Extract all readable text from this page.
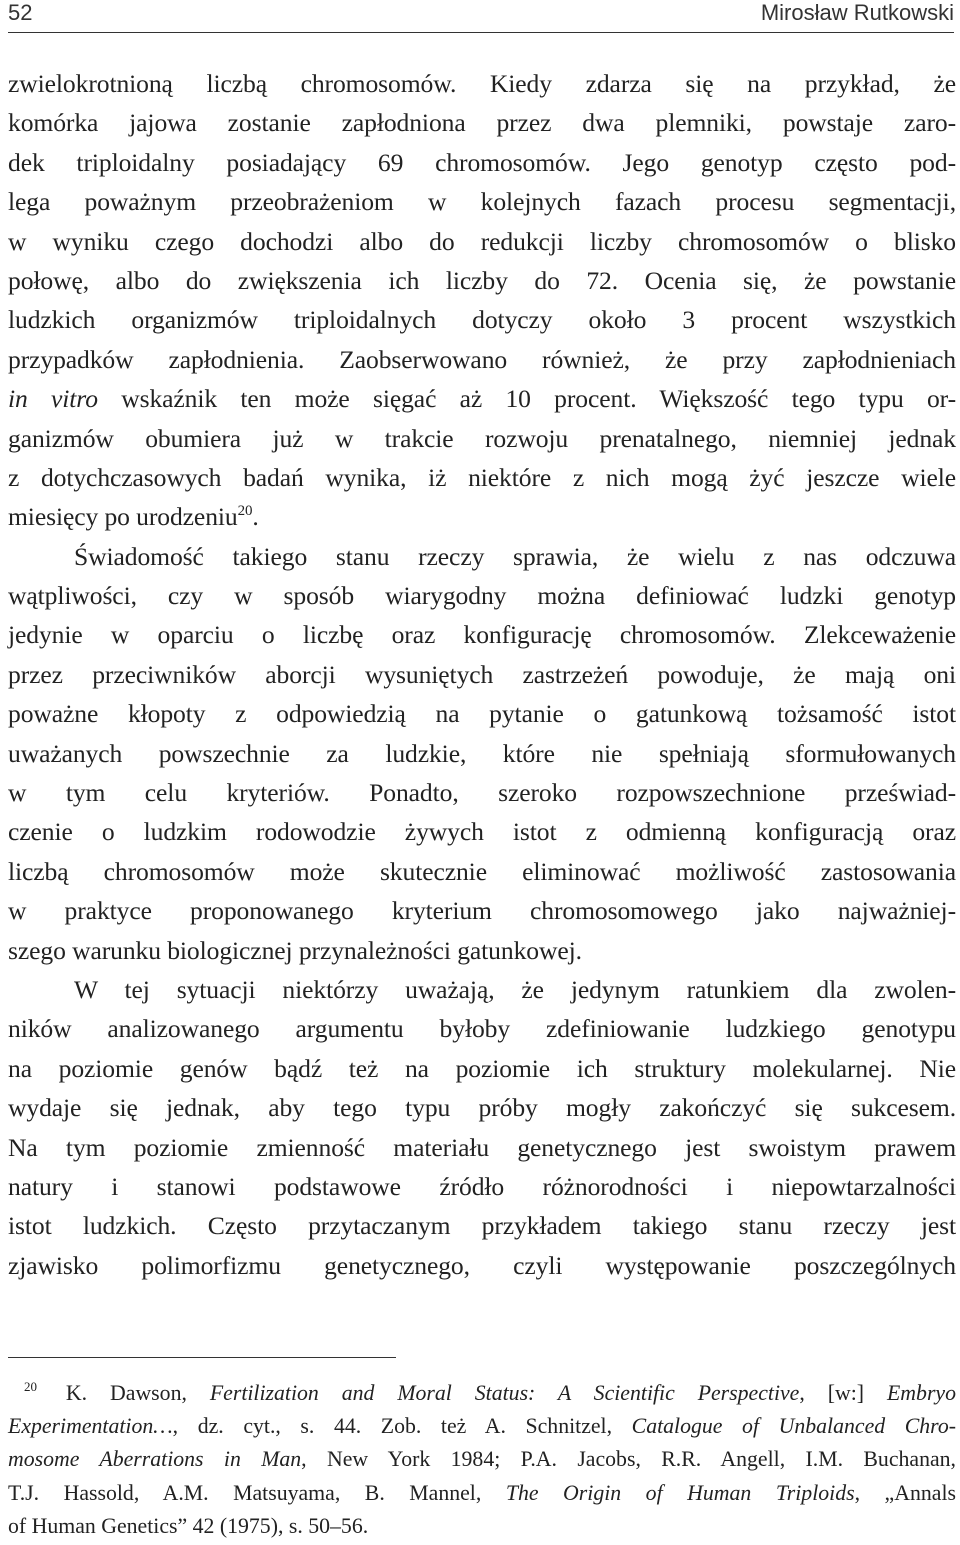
52	Mirosław Rutkowski
zwielokrotnioną liczbą chromosomów. Kiedy zdarza się na przykład, że
komórka jajowa zostanie zapłodniona przez dwa plemniki, powstaje zaro-
dek triploidalny posiadający 69 chromosomów. Jego genotyp często pod-
lega poważnym przeobrażeniom w kolejnych fazach procesu segmentacji,
w wyniku czego dochodzi albo do redukcji liczby chromosomów o blisko
połowę, albo do zwiększenia ich liczby do 72. Ocenia się, że powstanie
ludzkich organizmów triploidalnych dotyczy około 3 procent wszystkich
przypadków zapłodnienia. Zaobserwowano również, że przy zapłodnieniach
in vitro wskaźnik ten może sięgać aż 10 procent. Większość tego typu or-
ganizmów obumiera już w trakcie rozwoju prenatalnego, niemniej jednak
z dotychczasowych badań wynika, iż niektóre z nich mogą żyć jeszcze wiele
miesięcy po urodzeniu$^{20}$.
Świadomość takiego stanu rzeczy sprawia, że wielu z nas odczuwa
wątpliwości, czy w sposób wiarygodny można definiować ludzki genotyp
jedynie w oparciu o liczbę oraz konfigurację chromosomów. Zlekceważenie
przez przeciwników aborcji wysuniętych zastrzeżeń powoduje, że mają oni
poważne kłopoty z odpowiedzią na pytanie o gatunkową tożsamość istot
uważanych powszechnie za ludzkie, które nie spełniają sformułowanych
w tym celu kryteriów. Ponadto, szeroko rozpowszechnione przeświad-
czenie o ludzkim rodowodzie żywych istot z odmienną konfiguracją oraz
liczbą chromosomów może skutecznie eliminować możliwość zastosowania
w praktyce proponowanego kryterium chromosomowego jako najważniej-
szego warunku biologicznej przynależności gatunkowej.
W tej sytuacji niektórzy uważają, że jedynym ratunkiem dla zwolen-
ników analizowanego argumentu byłoby zdefiniowanie ludzkiego genotypu
na poziomie genów bądź też na poziomie ich struktury molekularnej. Nie
wydaje się jednak, aby tego typu próby mogły zakończyć się sukcesem.
Na tym poziomie zmienność materiału genetycznego jest swoistym prawem
natury i stanowi podstawowe źródło różnorodności i niepowtarzalności
istot ludzkich. Często przytaczanym przykładem takiego stanu rzeczy jest
zjawisko polimorfizmu genetycznego, czyli występowanie poszczególnych
$^{20}$ K. Dawson, Fertilization and Moral Status: A Scientific Perspective, [w:] Embryo
Experimentation…, dz. cyt., s. 44. Zob. też A. Schnitzel, Catalogue of Unbalanced Chro-
mosome Aberrations in Man, New York 1984; P.A. Jacobs, R.R. Angell, I.M. Buchanan,
T.J. Hassold, A.M. Matsuyama, B. Mannel, The Origin of Human Triploids, „Annals
of Human Genetics” 42 (1975), s. 50–56.
